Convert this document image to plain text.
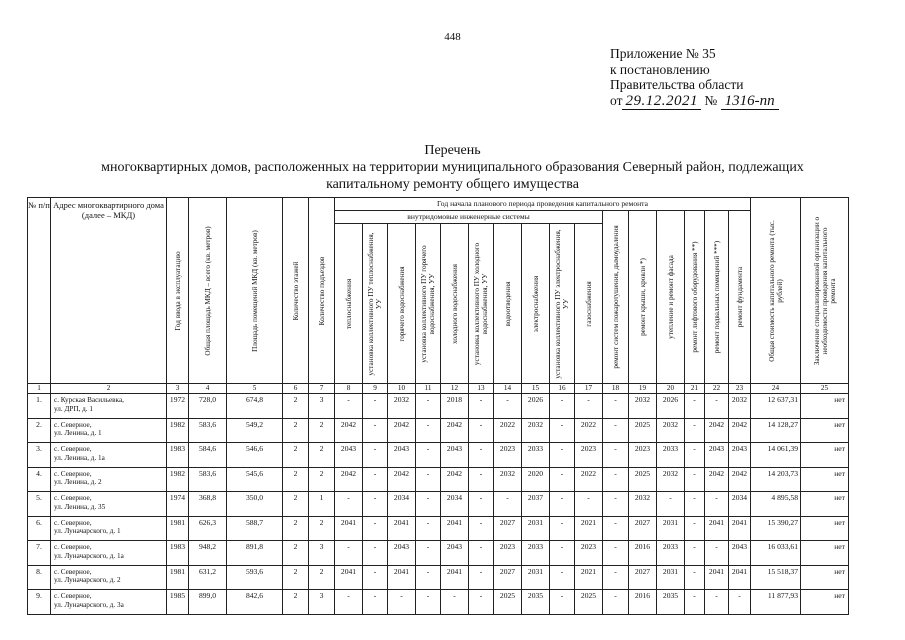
448
Приложение № 35
к постановлению
Правительства области
от 29.12.2021 № 1316-пп
Перечень
многоквартирных домов, расположенных на территории муниципального образования Северный район, подлежащих
капитальному ремонту общего имущества
№ п/п	Адрес многоквартирного дома (далее – МКД)	Год ввода в эксплуатацию	Общая площадь МКД – всего (кв. метров)	Площадь помещений МКД (кв. метров)	Количество этажей	Количество подъездов	Год начала планового периода проведения капитального ремонта																Общая стоимость капитального ремонта (тыс. рублей)	Заключение специализированной организации о необходимости проведения капитального ремонта

							внутридомовые инженерные системы										ремонт систем пожаротушения, дымоудаления	ремонт крыши, кровли *)	утепление и ремонт фасада	ремонт лифтового оборудования **)	ремонт подвальных помещений ***)	ремонт фундамента		

							теплоснабжения	установка коллективного ПУ теплоснабжения, УУ	горячего водоснабжения	установка коллективного ПУ горячего водоснабжения, УУ	холодного водоснабжения	установка коллективного ПУ холодного водоснабжения, УУ	водоотведения	электроснабжения	установка коллективного ПУ электроснабжения, УУ	газоснабжения								

1	2	3	4	5	6	7	8	9	10	11	12	13	14	15	16	17	18	19	20	21	22	23	24	25
1.	с. Курская Васильевка,
ул. ДРП, д. 1	1972	728,0	674,8	2	3	-	-	2032	-	2018	-	-	2026	-	-	-	2032	2026	-	-	2032	12 637,31	нет
2.	с. Северное,
ул. Ленина, д. 1	1982	583,6	549,2	2	2	2042	-	2042	-	2042	-	2022	2032	-	2022	-	2025	2032	-	2042	2042	14 128,27	нет
3.	с. Северное,
ул. Ленина, д. 1а	1983	584,6	546,6	2	2	2043	-	2043	-	2043	-	2023	2033	-	2023	-	2023	2033	-	2043	2043	14 061,39	нет
4.	с. Северное,
ул. Ленина, д. 2	1982	583,6	545,6	2	2	2042	-	2042	-	2042	-	2032	2020	-	2022	-	2025	2032	-	2042	2042	14 203,73	нет
5.	с. Северное,
ул. Ленина, д. 35	1974	368,8	350,0	2	1	-	-	2034	-	2034	-	-	2037	-	-	-	2032	-	-	-	2034	4 895,58	нет
6.	с. Северное,
ул. Луначарского, д. 1	1981	626,3	588,7	2	2	2041	-	2041	-	2041	-	2027	2031	-	2021	-	2027	2031	-	2041	2041	15 390,27	нет
7.	с. Северное,
ул. Луначарского, д. 1а	1983	948,2	891,8	2	3	-	-	2043	-	2043	-	2023	2033	-	2023	-	2016	2033	-	-	2043	16 033,61	нет
8.	с. Северное,
ул. Луначарского, д. 2	1981	631,2	593,6	2	2	2041	-	2041	-	2041	-	2027	2031	-	2021	-	2027	2031	-	2041	2041	15 518,37	нет
9.	с. Северное,
ул. Луначарского, д. 3а	1985	899,0	842,6	2	3	-	-	-	-	-	-	2025	2035	-	2025	-	2016	2035	-	-	-	11 877,93	нет
